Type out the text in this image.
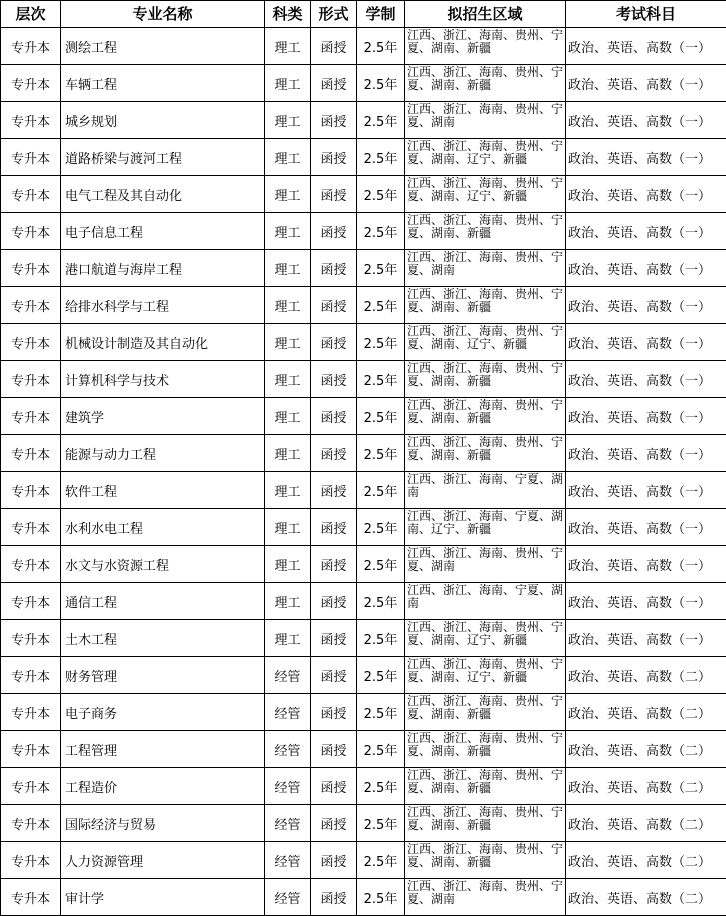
层次	专业名称	科类	形式	学制	拟招生区域	考试科目
专升本	测绘工程	理工	函授	2.5年	江西、浙江、海南、贵州、宁夏、湖南、新疆	政治、英语、高数（一）
专升本	车辆工程	理工	函授	2.5年	江西、浙江、海南、贵州、宁夏、湖南、新疆	政治、英语、高数（一）
专升本	城乡规划	理工	函授	2.5年	江西、浙江、海南、贵州、宁夏、湖南	政治、英语、高数（一）
专升本	道路桥梁与渡河工程	理工	函授	2.5年	江西、浙江、海南、贵州、宁夏、湖南、辽宁、新疆	政治、英语、高数（一）
专升本	电气工程及其自动化	理工	函授	2.5年	江西、浙江、海南、贵州、宁夏、湖南、辽宁、新疆	政治、英语、高数（一）
专升本	电子信息工程	理工	函授	2.5年	江西、浙江、海南、贵州、宁夏、湖南、新疆	政治、英语、高数（一）
专升本	港口航道与海岸工程	理工	函授	2.5年	江西、浙江、海南、贵州、宁夏、湖南	政治、英语、高数（一）
专升本	给排水科学与工程	理工	函授	2.5年	江西、浙江、海南、贵州、宁夏、湖南、新疆	政治、英语、高数（一）
专升本	机械设计制造及其自动化	理工	函授	2.5年	江西、浙江、海南、贵州、宁夏、湖南、辽宁、新疆	政治、英语、高数（一）
专升本	计算机科学与技术	理工	函授	2.5年	江西、浙江、海南、贵州、宁夏、湖南、新疆	政治、英语、高数（一）
专升本	建筑学	理工	函授	2.5年	江西、浙江、海南、贵州、宁夏、湖南、新疆	政治、英语、高数（一）
专升本	能源与动力工程	理工	函授	2.5年	江西、浙江、海南、贵州、宁夏、湖南、新疆	政治、英语、高数（一）
专升本	软件工程	理工	函授	2.5年	江西、浙江、海南、宁夏、湖南	政治、英语、高数（一）
专升本	水利水电工程	理工	函授	2.5年	江西、浙江、海南、宁夏、湖南、辽宁、新疆	政治、英语、高数（一）
专升本	水文与水资源工程	理工	函授	2.5年	江西、浙江、海南、贵州、宁夏、湖南	政治、英语、高数（一）
专升本	通信工程	理工	函授	2.5年	江西、浙江、海南、宁夏、湖南	政治、英语、高数（一）
专升本	土木工程	理工	函授	2.5年	江西、浙江、海南、贵州、宁夏、湖南、辽宁、新疆	政治、英语、高数（一）
专升本	财务管理	经管	函授	2.5年	江西、浙江、海南、贵州、宁夏、湖南、辽宁、新疆	政治、英语、高数（二）
专升本	电子商务	经管	函授	2.5年	江西、浙江、海南、贵州、宁夏、湖南、新疆	政治、英语、高数（二）
专升本	工程管理	经管	函授	2.5年	江西、浙江、海南、贵州、宁夏、湖南、新疆	政治、英语、高数（二）
专升本	工程造价	经管	函授	2.5年	江西、浙江、海南、贵州、宁夏、湖南、新疆	政治、英语、高数（二）
专升本	国际经济与贸易	经管	函授	2.5年	江西、浙江、海南、贵州、宁夏、湖南、新疆	政治、英语、高数（二）
专升本	人力资源管理	经管	函授	2.5年	江西、浙江、海南、贵州、宁夏、湖南、新疆	政治、英语、高数（二）
专升本	审计学	经管	函授	2.5年	江西、浙江、海南、贵州、宁夏、湖南	政治、英语、高数（二）
